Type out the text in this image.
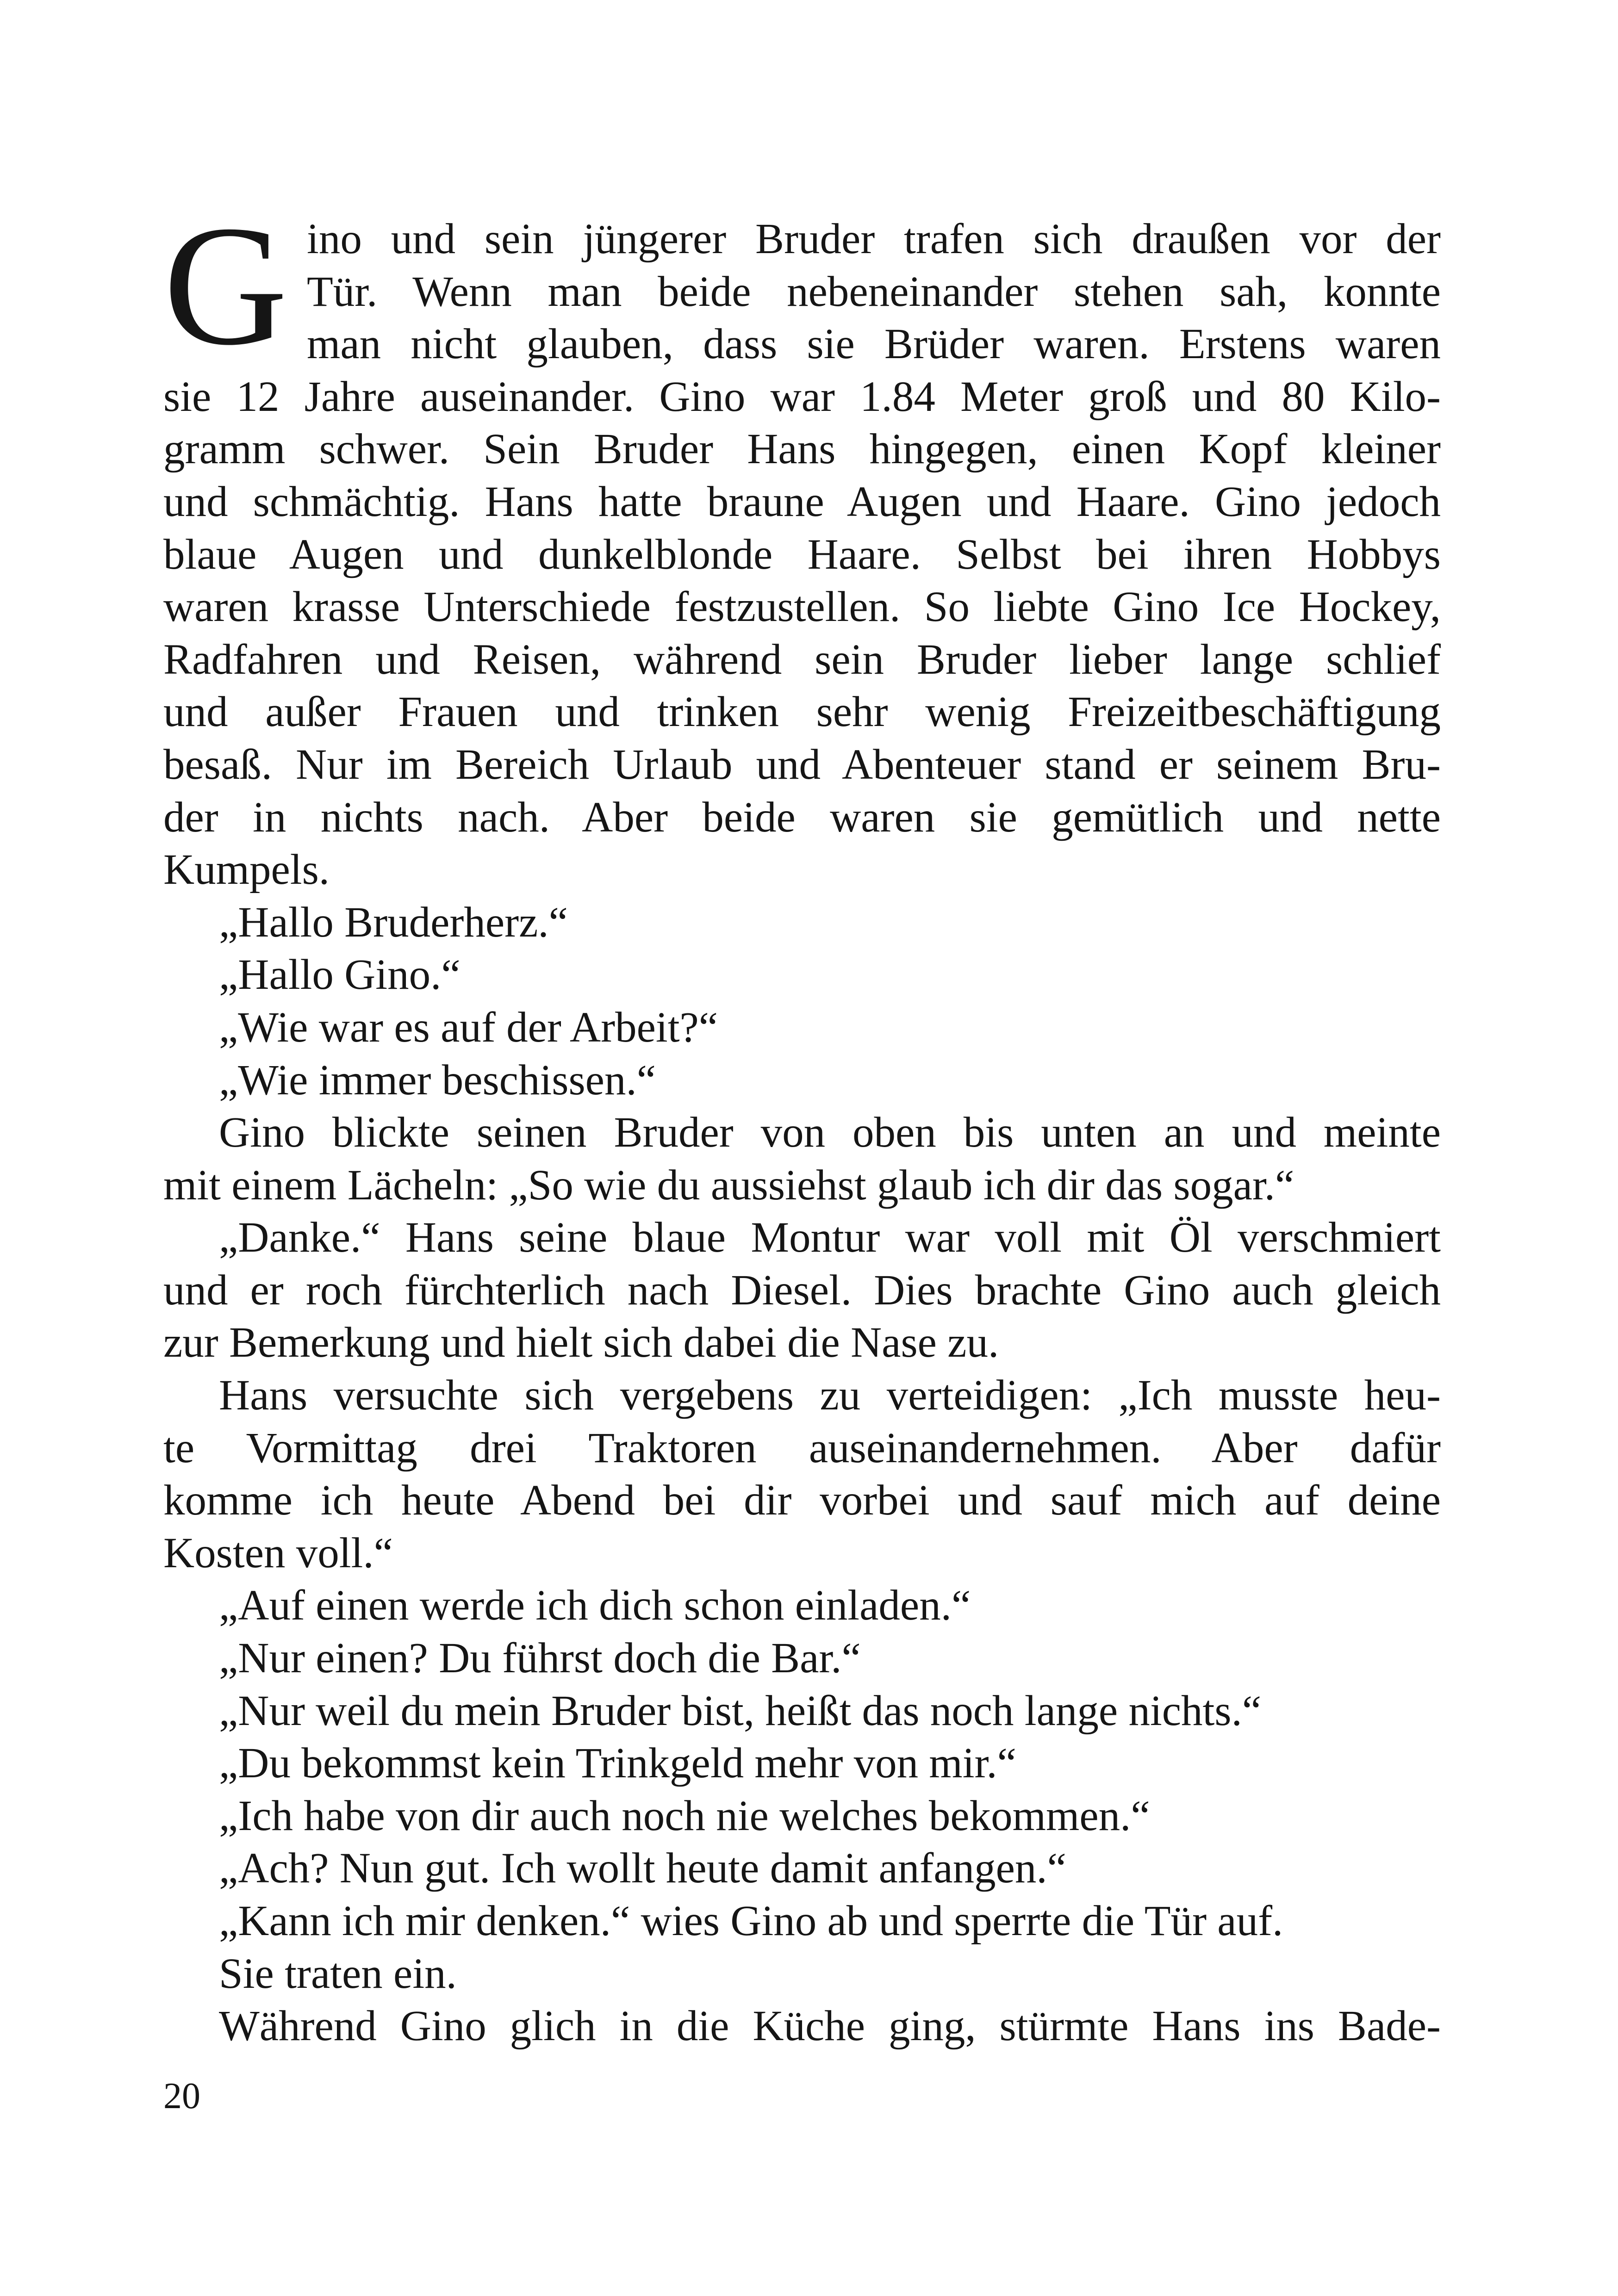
G ino und sein jüngerer Bruder trafen sich draußen vor der
Tür. Wenn man beide nebeneinander stehen sah, konnte
man nicht glauben, dass sie Brüder waren. Erstens waren
sie 12 Jahre auseinander. Gino war 1.84 Meter groß und 80 Kilo-
gramm schwer. Sein Bruder Hans hingegen, einen Kopf kleiner
und schmächtig. Hans hatte braune Augen und Haare. Gino jedoch
blaue Augen und dunkelblonde Haare. Selbst bei ihren Hobbys
waren krasse Unterschiede festzustellen. So liebte Gino Ice Hockey,
Radfahren und Reisen, während sein Bruder lieber lange schlief
und außer Frauen und trinken sehr wenig Freizeitbeschäftigung
besaß. Nur im Bereich Urlaub und Abenteuer stand er seinem Bru-
der in nichts nach. Aber beide waren sie gemütlich und nette
Kumpels.
„Hallo Bruderherz.“
„Hallo Gino.“
„Wie war es auf der Arbeit?“
„Wie immer beschissen.“
Gino blickte seinen Bruder von oben bis unten an und meinte
mit einem Lächeln: „So wie du aussiehst glaub ich dir das sogar.“
„Danke.“ Hans seine blaue Montur war voll mit Öl verschmiert
und er roch fürchterlich nach Diesel. Dies brachte Gino auch gleich
zur Bemerkung und hielt sich dabei die Nase zu.
Hans versuchte sich vergebens zu verteidigen: „Ich musste heu-
te Vormittag drei Traktoren auseinandernehmen. Aber dafür
komme ich heute Abend bei dir vorbei und sauf mich auf deine
Kosten voll.“
„Auf einen werde ich dich schon einladen.“
„Nur einen? Du führst doch die Bar.“
„Nur weil du mein Bruder bist, heißt das noch lange nichts.“
„Du bekommst kein Trinkgeld mehr von mir.“
„Ich habe von dir auch noch nie welches bekommen.“
„Ach? Nun gut. Ich wollt heute damit anfangen.“
„Kann ich mir denken.“ wies Gino ab und sperrte die Tür auf.
Sie traten ein.
Während Gino glich in die Küche ging, stürmte Hans ins Bade-
20
